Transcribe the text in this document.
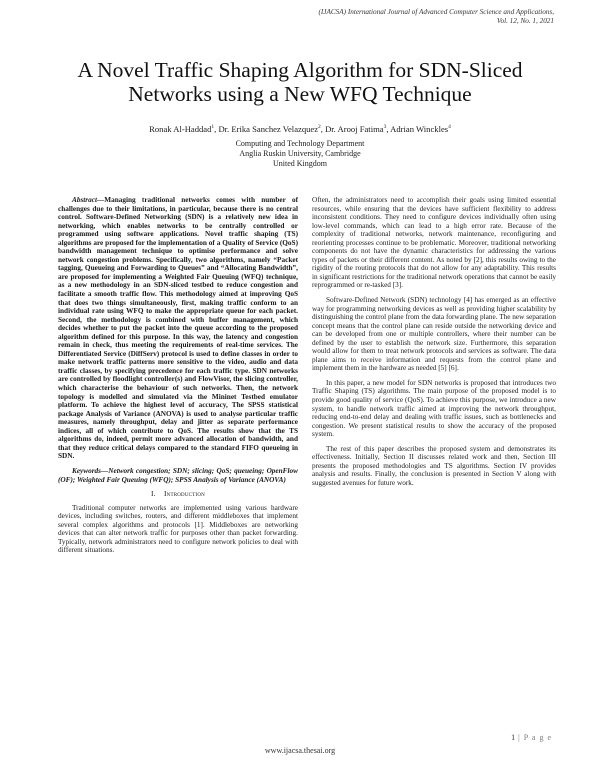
(IJACSA) International Journal of Advanced Computer Science and Applications,
Vol. 12, No. 1, 2021
A Novel Traffic Shaping Algorithm for SDN-Sliced
Networks using a New WFQ Technique
Ronak Al-Haddad$^1$, Dr. Erika Sanchez Velazquez$^2$, Dr. Arooj Fatima$^3$, Adrian Winckles$^4$
Computing and Technology Department
Anglia Ruskin University, Cambridge
United Kingdom

Abstract—Managing traditional networks comes with number of challenges due to their limitations, in particular, because there is no central control. Software-Defined Networking (SDN) is a relatively new idea in networking, which enables networks to be centrally controlled or programmed using software applications. Novel traffic shaping (TS) algorithms are proposed for the implementation of a Quality of Service (QoS) bandwidth management technique to optimise performance and solve network congestion problems. Specifically, two algorithms, namely “Packet tagging, Queueing and Forwarding to Queues” and “Allocating Bandwidth”, are proposed for implementing a Weighted Fair Queuing (WFQ) technique, as a new methodology in an SDN-sliced testbed to reduce congestion and facilitate a smooth traffic flow. This methodology aimed at improving QoS that does two things simultaneously, first, making traffic conform to an individual rate using WFQ to make the appropriate queue for each packet. Second, the methodology is combined with buffer management, which decides whether to put the packet into the queue according to the proposed algorithm defined for this purpose. In this way, the latency and congestion remain in check, thus meeting the requirements of real-time services. The Differentiated Service (DiffServ) protocol is used to define classes in order to make network traffic patterns more sensitive to the video, audio and data traffic classes, by specifying precedence for each traffic type. SDN networks are controlled by floodlight controller(s) and FlowVisor, the slicing controller, which characterise the behaviour of such networks. Then, the network topology is modelled and simulated via the Mininet Testbed emulator platform. To achieve the highest level of accuracy, The SPSS statistical package Analysis of Variance (ANOVA) is used to analyse particular traffic measures, namely throughput, delay and jitter as separate performance indices, all of which contribute to QoS. The results show that the TS algorithms do, indeed, permit more advanced allocation of bandwidth, and that they reduce critical delays compared to the standard FIFO queueing in SDN.

Keywords—Network congestion; SDN; slicing; QoS; queueing; OpenFlow (OF); Weighted Fair Queuing (WFQ); SPSS Analysis of Variance (ANOVA)

I. Introduction

Traditional computer networks are implemented using various hardware devices, including switches, routers, and different middleboxes that implement several complex algorithms and protocols [1]. Middleboxes are networking devices that can alter network traffic for purposes other than packet forwarding. Typically, network administrators need to configure network policies to deal with different situations.

Often, the administrators need to accomplish their goals using limited essential resources, while ensuring that the devices have sufficient flexibility to address inconsistent conditions. They need to configure devices individually often using low-level commands, which can lead to a high error rate. Because of the complexity of traditional networks, network maintenance, reconfiguring and reorienting processes continue to be problematic. Moreover, traditional networking components do not have the dynamic characteristics for addressing the various types of packets or their different content. As noted by [2], this results owing to the rigidity of the routing protocols that do not allow for any adaptability. This results in significant restrictions for the traditional network operations that cannot be easily reprogrammed or re-tasked [3].

Software-Defined Network (SDN) technology [4] has emerged as an effective way for programming networking devices as well as providing higher scalability by distinguishing the control plane from the data forwarding plane. The new separation concept means that the control plane can reside outside the networking device and can be developed from one or multiple controllers, where their number can be defined by the user to establish the network size. Furthermore, this separation would allow for them to treat network protocols and services as software. The data plane aims to receive information and requests from the control plane and implement them in the hardware as needed [5] [6].

In this paper, a new model for SDN networks is proposed that introduces two Traffic Shaping (TS) algorithms. The main purpose of the proposed model is to provide good quality of service (QoS). To achieve this purpose, we introduce a new system, to handle network traffic aimed at improving the network throughput, reducing end-to-end delay and dealing with traffic issues, such as bottlenecks and congestion. We present statistical results to show the accuracy of the proposed system.

The rest of this paper describes the proposed system and demonstrates its effectiveness. Initially, Section II discusses related work and then, Section III presents the proposed methodologies and TS algorithms. Section IV provides analysis and results. Finally, the conclusion is presented in Section V along with suggested avenues for future work.

1 | P a g e
www.ijacsa.thesai.org
